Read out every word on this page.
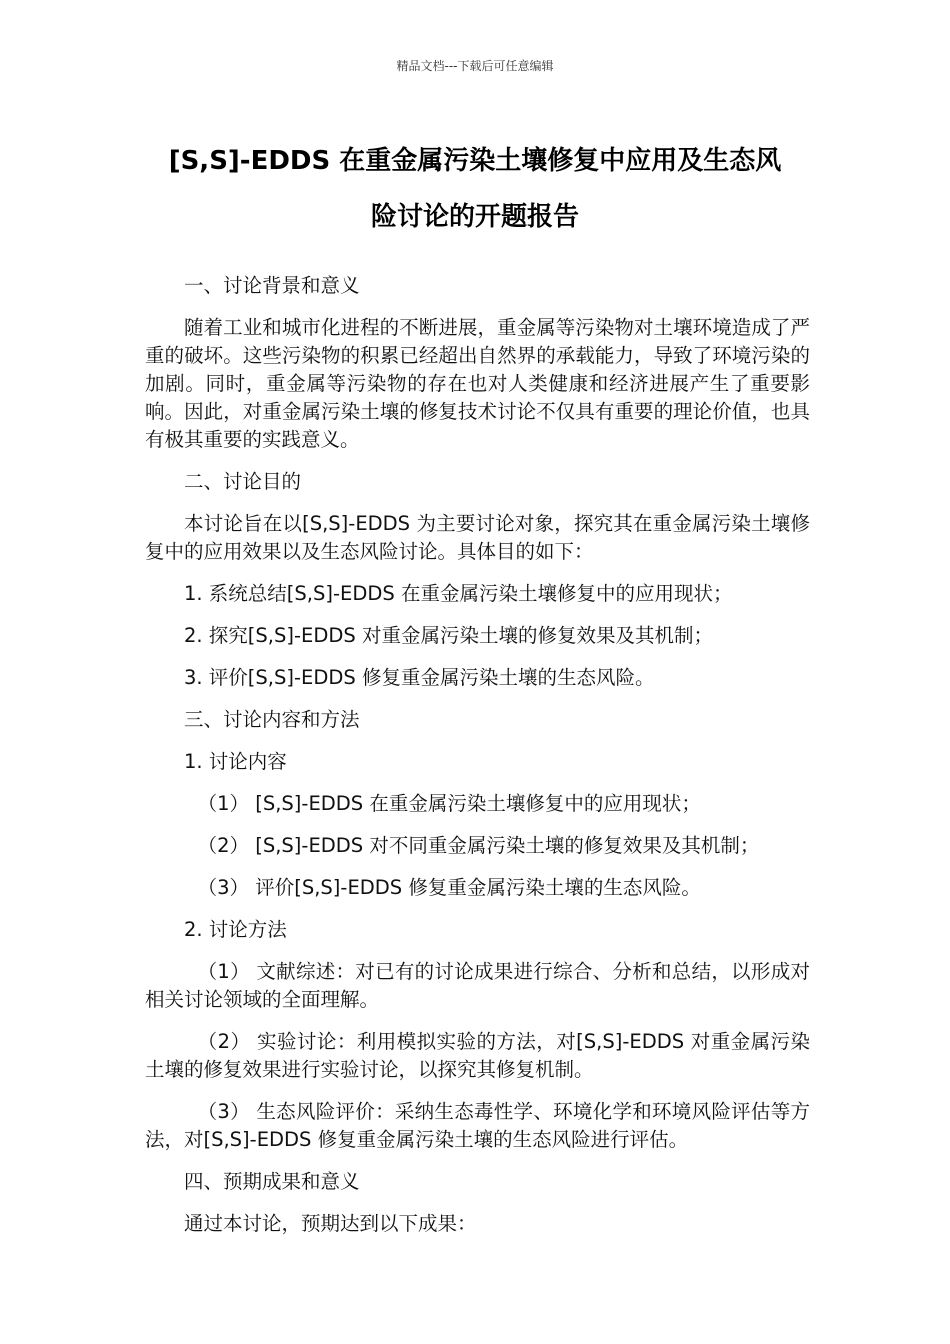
精品文档---下载后可任意编辑
[S,S]-EDDS 在重金属污染土壤修复中应用及生态风
险讨论的开题报告

一、讨论背景和意义

随着工业和城市化进程的不断进展，重金属等污染物对土壤环境造成了严重的破坏。这些污染物的积累已经超出自然界的承载能力，导致了环境污染的加剧。同时，重金属等污染物的存在也对人类健康和经济进展产生了重要影响。因此，对重金属污染土壤的修复技术讨论不仅具有重要的理论价值，也具有极其重要的实践意义。

二、讨论目的

本讨论旨在以[S,S]-EDDS 为主要讨论对象，探究其在重金属污染土壤修复中的应用效果以及生态风险讨论。具体目的如下：

1. 系统总结[S,S]-EDDS 在重金属污染土壤修复中的应用现状；

2. 探究[S,S]-EDDS 对重金属污染土壤的修复效果及其机制；

3. 评价[S,S]-EDDS 修复重金属污染土壤的生态风险。

三、讨论内容和方法

1. 讨论内容

（1） [S,S]-EDDS 在重金属污染土壤修复中的应用现状；

（2） [S,S]-EDDS 对不同重金属污染土壤的修复效果及其机制；

（3） 评价[S,S]-EDDS 修复重金属污染土壤的生态风险。

2. 讨论方法

（1） 文献综述：对已有的讨论成果进行综合、分析和总结，以形成对相关讨论领域的全面理解。

（2） 实验讨论：利用模拟实验的方法，对[S,S]-EDDS 对重金属污染土壤的修复效果进行实验讨论，以探究其修复机制。

（3） 生态风险评价：采纳生态毒性学、环境化学和环境风险评估等方法，对[S,S]-EDDS 修复重金属污染土壤的生态风险进行评估。

四、预期成果和意义

通过本讨论，预期达到以下成果：
